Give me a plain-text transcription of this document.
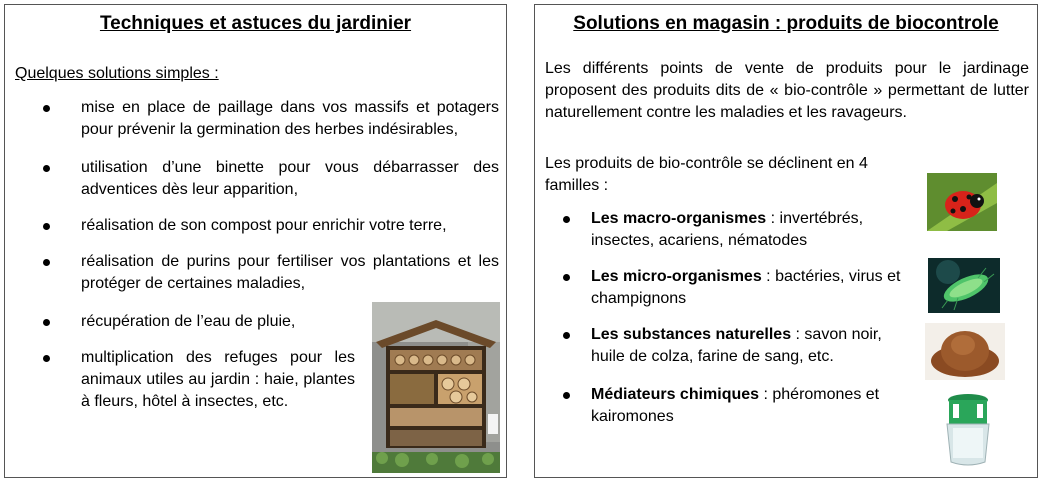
Techniques et astuces du jardinier
Quelques solutions simples :
mise en place de paillage dans vos massifs et potagers pour prévenir la germination des herbes indésirables,
utilisation d’une binette pour vous débarrasser des adventices dès leur apparition,
réalisation de son compost pour enrichir votre terre,
réalisation de purins pour fertiliser vos plantations et les protéger de certaines maladies,
récupération de l’eau de pluie,
multiplication des refuges pour les animaux utiles au jardin : haie, plantes à fleurs, hôtel à insectes, etc.
Solutions en magasin : produits de biocontrole
Les différents points de vente de produits pour le jardinage proposent des produits dits de « bio-contrôle » permettant de lutter naturellement contre les maladies et les ravageurs.
Les produits de bio-contrôle se déclinent en 4 familles :
Les macro-organismes : invertébrés, insectes, acariens, nématodes
Les micro-organismes : bactéries, virus et champignons
Les substances naturelles : savon noir, huile de colza, farine de sang, etc.
Médiateurs chimiques : phéromones et kairomones
